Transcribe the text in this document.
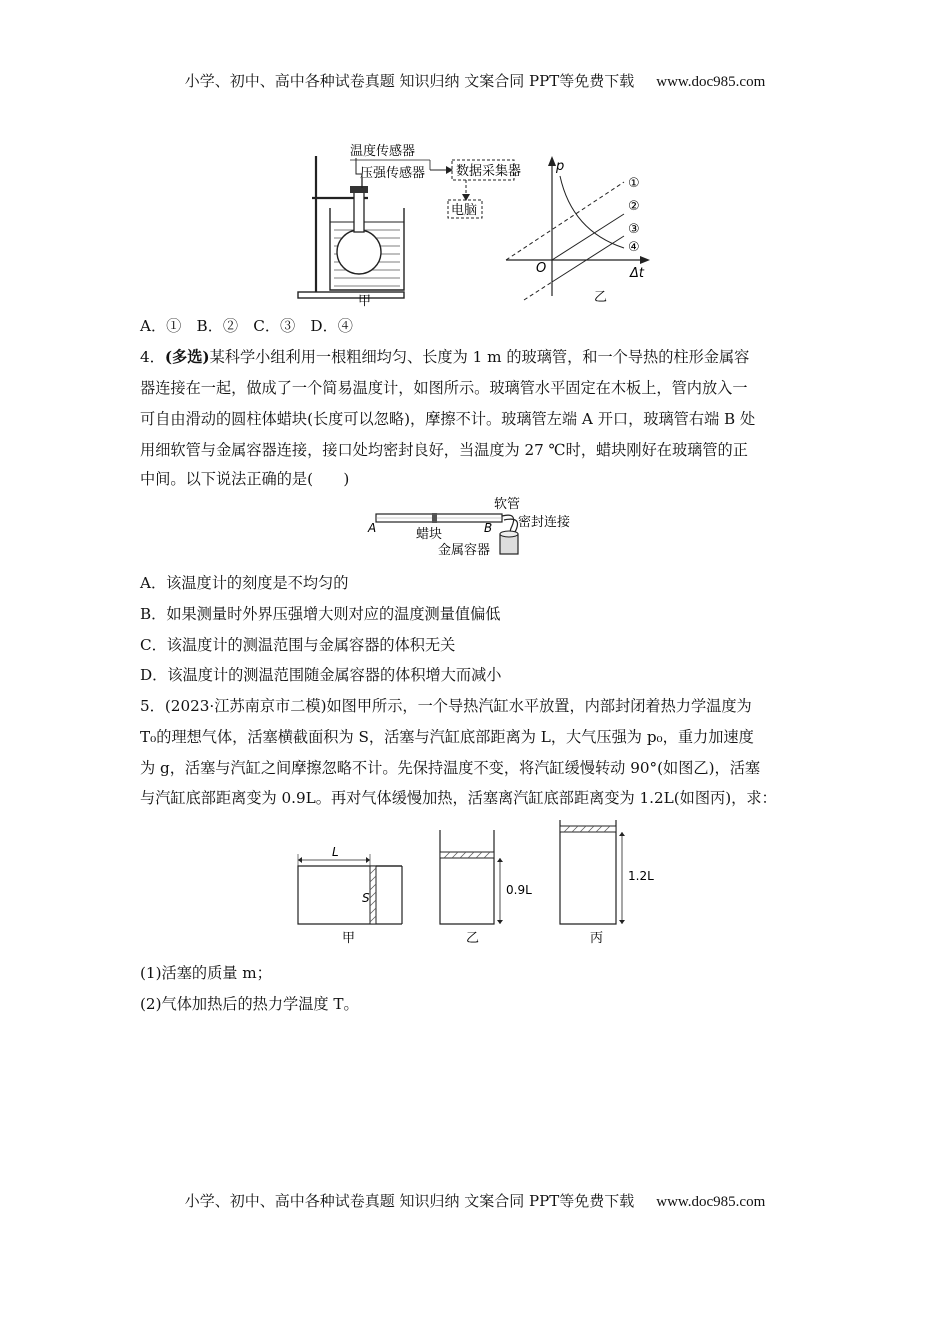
小学、初中、高中各种试卷真题 知识归纳 文案合同 PPT等免费下载 www.doc985.com
温度传感器
压强传感器 数据采集器
电脑
甲
p
Δt
O
①
②
③
④
乙
A．①　B．②　C．③　D．④
4．(多选)某科学小组利用一根粗细均匀、长度为 1 m 的玻璃管，和一个导热的柱形金属容
器连接在一起，做成了一个简易温度计，如图所示。玻璃管水平固定在木板上，管内放入一
可自由滑动的圆柱体蜡块(长度可以忽略)，摩擦不计。玻璃管左端 A 开口，玻璃管右端 B 处
用细软管与金属容器连接，接口处均密封良好，当温度为 27 ℃时，蜡块刚好在玻璃管的正
中间。以下说法正确的是(　　)
A	B
蜡块
软管
密封连接
金属容器
A．该温度计的刻度是不均匀的
B．如果测量时外界压强增大则对应的温度测量值偏低
C．该温度计的测温范围与金属容器的体积无关
D．该温度计的测温范围随金属容器的体积增大而减小
5．(2023·江苏南京市二模)如图甲所示，一个导热汽缸水平放置，内部封闭着热力学温度为
T₀的理想气体，活塞横截面积为 S，活塞与汽缸底部距离为 L，大气压强为 p₀，重力加速度
为 g，活塞与汽缸之间摩擦忽略不计。先保持温度不变，将汽缸缓慢转动 90°(如图乙)，活塞
与汽缸底部距离变为 0.9L。再对气体缓慢加热，活塞离汽缸底部距离变为 1.2L(如图丙)，求：
L
S
甲
0.9L
乙
1.2L
丙
(1)活塞的质量 m；
(2)气体加热后的热力学温度 T。
小学、初中、高中各种试卷真题 知识归纳 文案合同 PPT等免费下载 www.doc985.com
